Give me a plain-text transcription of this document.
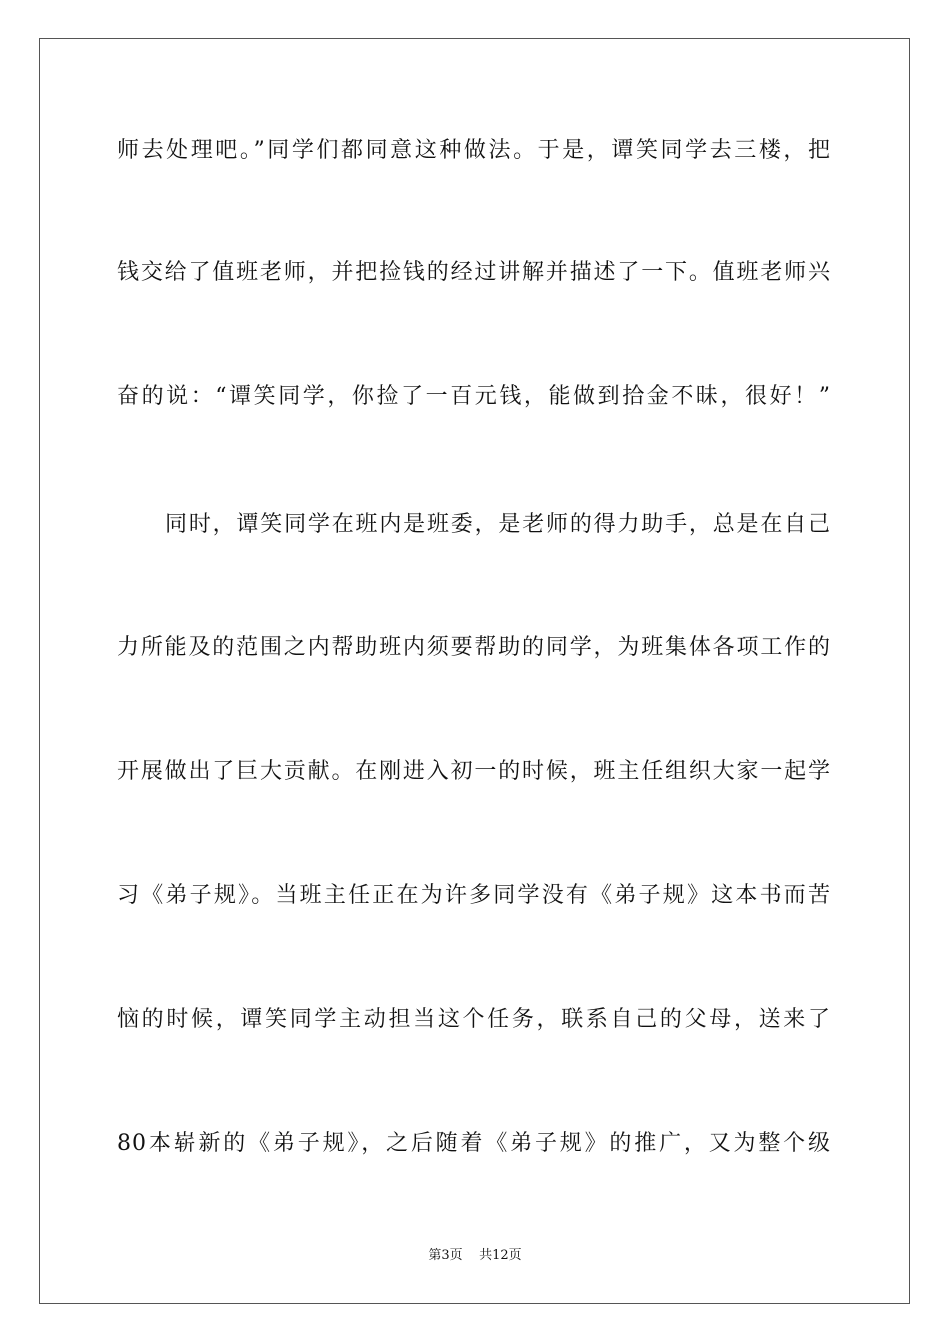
师去处理吧。”同学们都同意这种做法。于是，谭笑同学去三楼，把
钱交给了值班老师，并把捡钱的经过讲解并描述了一下。值班老师兴
奋的说：“谭笑同学，你捡了一百元钱，能做到拾金不昧，很好！”
同时，谭笑同学在班内是班委，是老师的得力助手，总是在自己
力所能及的范围之内帮助班内须要帮助的同学，为班集体各项工作的
开展做出了巨大贡献。在刚进入初一的时候，班主任组织大家一起学
习《弟子规》。当班主任正在为许多同学没有《弟子规》这本书而苦
恼的时候，谭笑同学主动担当这个任务，联系自己的父母，送来了
80本崭新的《弟子规》，之后随着《弟子规》的推广，又为整个级
第3页    共12页
